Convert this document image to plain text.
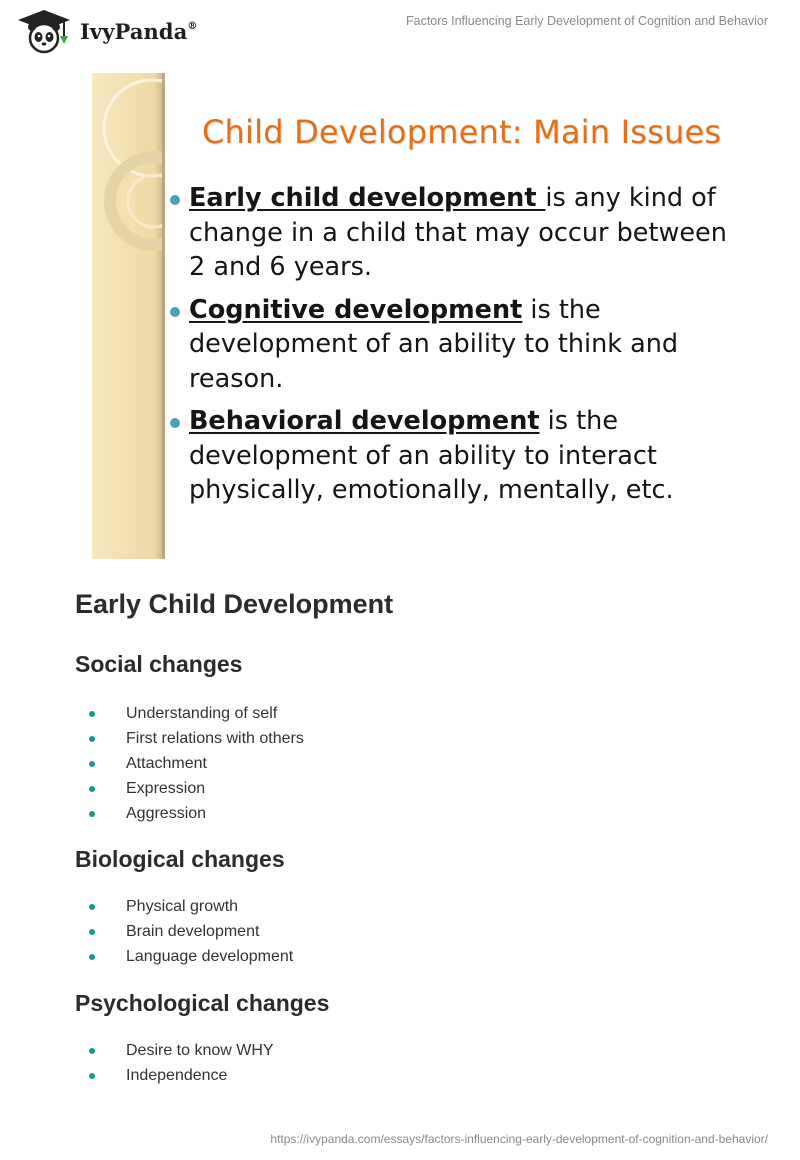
IvyPanda®	Factors Influencing Early Development of Cognition and Behavior
Child Development: Main Issues
Early child development is any kind of change in a child that may occur between 2 and 6 years.
Cognitive development is the development of an ability to think and reason.
Behavioral development is the development of an ability to interact physically, emotionally, mentally, etc.
Early Child Development
Social changes
Understanding of self
First relations with others
Attachment
Expression
Aggression
Biological changes
Physical growth
Brain development
Language development
Psychological changes
Desire to know WHY
Independence
https://ivypanda.com/essays/factors-influencing-early-development-of-cognition-and-behavior/
